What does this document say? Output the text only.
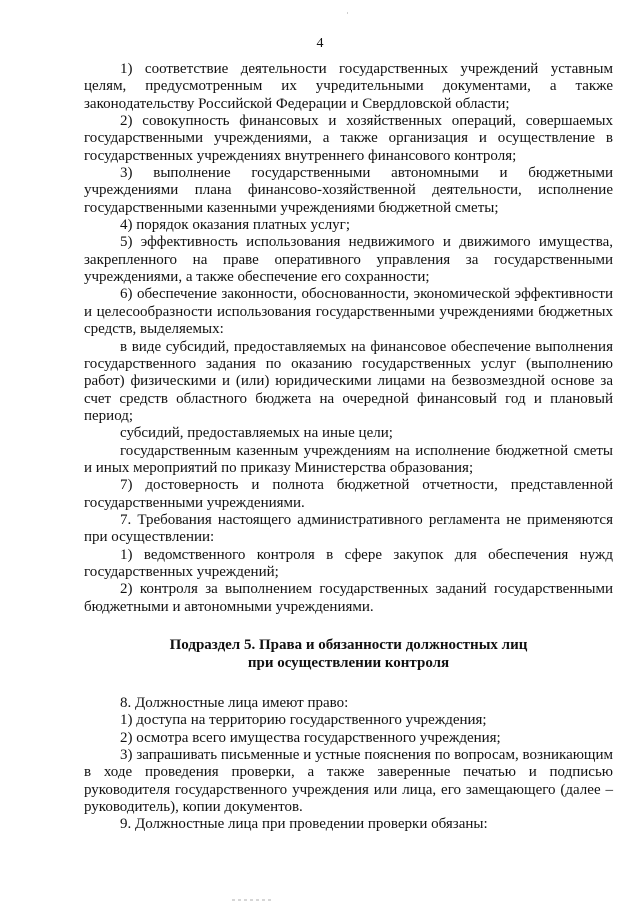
4

1) соответствие деятельности государственных учреждений уставным целям, предусмотренным их учредительными документами, а также законодательству Российской Федерации и Свердловской области;

2) совокупность финансовых и хозяйственных операций, совершаемых государственными учреждениями, а также организация и осуществление в государственных учреждениях внутреннего финансового контроля;

3) выполнение государственными автономными и бюджетными учреждениями плана финансово-хозяйственной деятельности, исполнение государственными казенными учреждениями бюджетной сметы;

4) порядок оказания платных услуг;

5) эффективность использования недвижимого и движимого имущества, закрепленного на праве оперативного управления за государственными учреждениями, а также обеспечение его сохранности;

6) обеспечение законности, обоснованности, экономической эффективности и целесообразности использования государственными учреждениями бюджетных средств, выделяемых:

в виде субсидий, предоставляемых на финансовое обеспечение выполнения государственного задания по оказанию государственных услуг (выполнению работ) физическими и (или) юридическими лицами на безвозмездной основе за счет средств областного бюджета на очередной финансовый год и плановый период;

субсидий, предоставляемых на иные цели;

государственным казенным учреждениям на исполнение бюджетной сметы и иных мероприятий по приказу Министерства образования;

7) достоверность и полнота бюджетной отчетности, представленной государственными учреждениями.

7. Требования настоящего административного регламента не применяются при осуществлении:

1) ведомственного контроля в сфере закупок для обеспечения нужд государственных учреждений;

2) контроля за выполнением государственных заданий государственными бюджетными и автономными учреждениями.

Подраздел 5. Права и обязанности должностных лиц
при осуществлении контроля

8. Должностные лица имеют право:

1) доступа на территорию государственного учреждения;

2) осмотра всего имущества государственного учреждения;

3) запрашивать письменные и устные пояснения по вопросам, возникающим в ходе проведения проверки, а также заверенные печатью и подписью руководителя государственного учреждения или лица, его замещающего (далее – руководитель), копии документов.

9. Должностные лица при проведении проверки обязаны:
